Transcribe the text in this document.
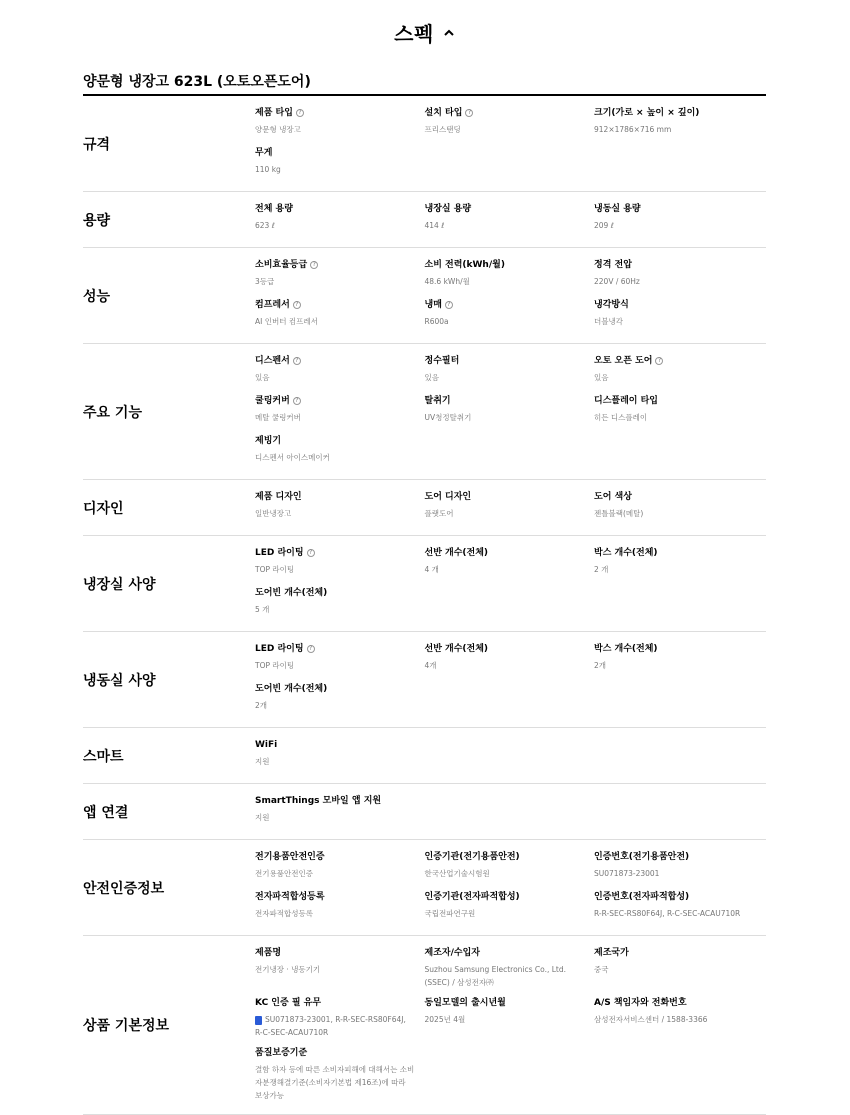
스펙
양문형 냉장고 623L (오토오픈도어)
규격
제품 타입 ?
양문형 냉장고
설치 타입 ?
프리스탠딩
크기(가로 × 높이 × 깊이)
912×1786×716 mm
무게
110 kg
용량
전체 용량
623 ℓ
냉장실 용량
414 ℓ
냉동실 용량
209 ℓ
성능
소비효율등급 ?
3등급
소비 전력(kWh/월)
48.6 kWh/월
정격 전압
220V / 60Hz
컴프레서 ?
AI 인버터 컴프레서
냉매 ?
R600a
냉각방식
더블냉각
주요 기능
디스펜서 ?
있음
정수필터
있음
오토 오픈 도어 ?
있음
쿨링커버 ?
메탈 쿨링커버
탈취기
UV청정탈취기
디스플레이 타입
히든 디스플레이
제빙기
디스펜서 아이스메이커
디자인
제품 디자인
일반냉장고
도어 디자인
플랫도어
도어 색상
젠틀블랙(메탈)
냉장실 사양
LED 라이팅 ?
TOP 라이팅
선반 개수(전체)
4 개
박스 개수(전체)
2 개
도어빈 개수(전체)
5 개
냉동실 사양
LED 라이팅 ?
TOP 라이팅
선반 개수(전체)
4개
박스 개수(전체)
2개
도어빈 개수(전체)
2개
스마트
WiFi
지원
앱 연결
SmartThings 모바일 앱 지원
지원
안전인증정보
전기용품안전인증
전기용품안전인증
인증기관(전기용품안전)
한국산업기술시험원
인증번호(전기용품안전)
SU071873-23001
전자파적합성등록
전자파적합성등록
인증기관(전자파적합성)
국립전파연구원
인증번호(전자파적합성)
R-R-SEC-RS80F64J, R-C-SEC-ACAU710R
상품 기본정보
제품명
전기냉장 · 냉동기기
제조자/수입자
Suzhou Samsung Electronics Co., Ltd. (SSEC) / 삼성전자㈜
제조국가
중국
KC 인증 필 유무
SU071873-23001, R-R-SEC-RS80F64J, R-C-SEC-ACAU710R
동일모델의 출시년월
2025년 4월
A/S 책임자와 전화번호
삼성전자서비스센터 / 1588-3366
품질보증기준
결함 하자 등에 따른 소비자피해에 대해서는 소비자분쟁해결기준(소비자기본법 제16조)에 따라 보상가능
